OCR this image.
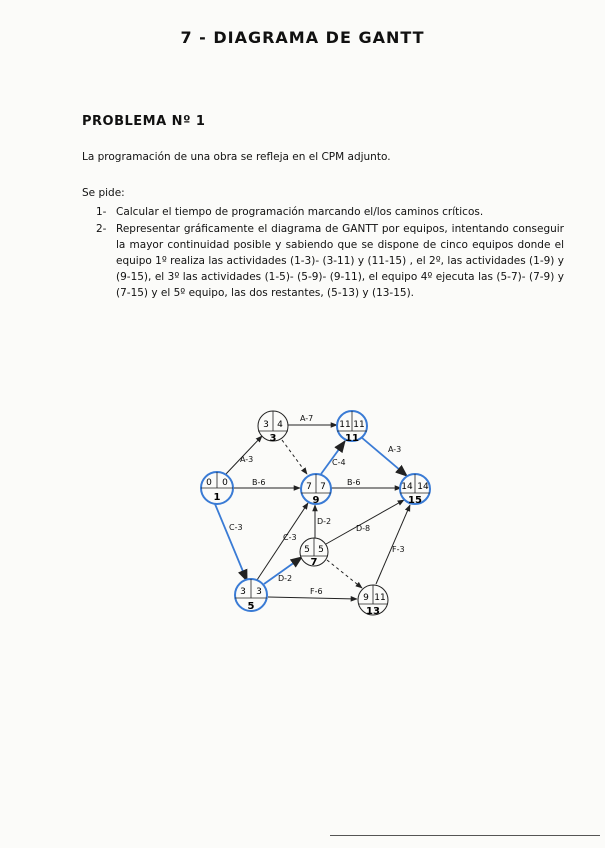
7 - DIAGRAMA DE GANTT
PROBLEMA Nº 1
La programación de una obra se refleja en el CPM adjunto.
Se pide:
1- Calcular el tiempo de programación marcando el/los caminos críticos.
2- Representar gráficamente el diagrama de GANTT por equipos, intentando conseguir la mayor continuidad posible y sabiendo que se dispone de cinco equipos donde el equipo 1º realiza las actividades (1-3)- (3-11) y (11-15) , el 2º, las actividades (1-9) y (9-15), el 3º las actividades (1-5)- (5-9)- (9-11), el equipo 4º ejecuta las (5-7)- (7-9) y (7-15) y el 5º equipo, las dos restantes, (5-13) y (13-15).
A-3
B-6
C-3
A-7
C-4
A-3
B-6
C-3
D-2
D-8
D-2
F-6
F-3
0 0
1
3 4
3
11 11
11
7 7
9
14 14
15
5 5
7
3 3
5
9 11
13
